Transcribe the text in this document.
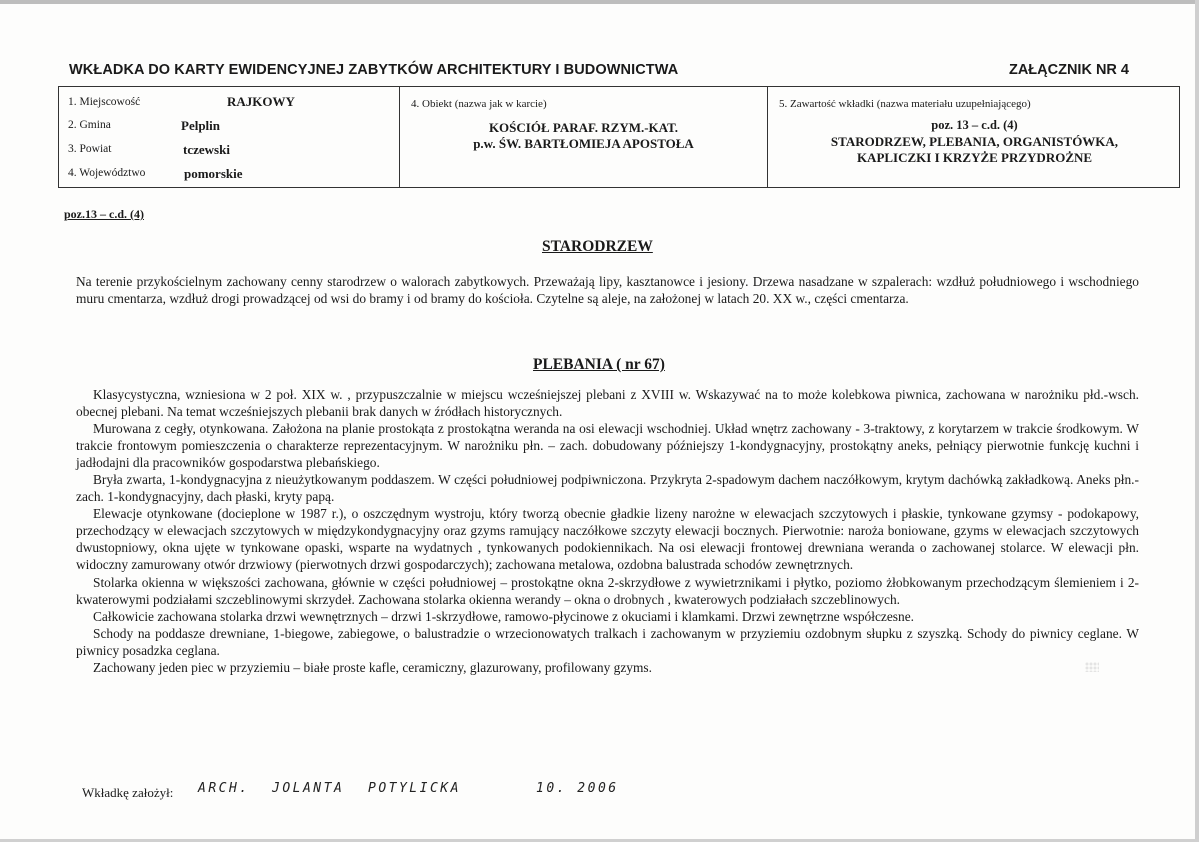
WKŁADKA DO KARTY EWIDENCYJNEJ ZABYTKÓW ARCHITEKTURY I BUDOWNICTWA	ZAŁĄCZNIK NR 4
1. Miejscowość	RAJKOWY
2. Gmina	Pelplin
3. Powiat	tczewski
4. Województwo	pomorskie
4. Obiekt (nazwa jak w karcie)
KOŚCIÓŁ PARAF. RZYM.-KAT.
p.w. ŚW. BARTŁOMIEJA APOSTOŁA
5. Zawartość wkładki (nazwa materiału uzupełniającego)
poz. 13 – c.d. (4)
STARODRZEW, PLEBANIA, ORGANISTÓWKA,
KAPLICZKI I KRZYŻE PRZYDROŻNE
poz.13 – c.d. (4)
STARODRZEW

Na terenie przykościelnym zachowany cenny starodrzew o walorach zabytkowych. Przeważają lipy, kasztanowce i jesiony. Drzewa nasadzane w szpalerach: wzdłuż południowego i wschodniego muru cmentarza, wzdłuż drogi prowadzącej od wsi do bramy i od bramy do kościoła. Czytelne są aleje, na założonej w latach 20. XX w., części cmentarza.

PLEBANIA ( nr 67)

Klasycystyczna, wzniesiona w 2 poł. XIX w. , przypuszczalnie w miejscu wcześniejszej plebani z XVIII w. Wskazywać na to może kolebkowa piwnica, zachowana w narożniku płd.-wsch. obecnej plebani. Na temat wcześniejszych plebanii brak danych w źródłach historycznych.

Murowana z cegły, otynkowana. Założona na planie prostokąta z prostokątna weranda na osi elewacji wschodniej. Układ wnętrz zachowany - 3-traktowy, z korytarzem w trakcie środkowym. W trakcie frontowym pomieszczenia o charakterze reprezentacyjnym. W narożniku płn. – zach. dobudowany późniejszy 1-kondygnacyjny, prostokątny aneks, pełniący pierwotnie funkcję kuchni i jadłodajni dla pracowników gospodarstwa plebańskiego.

Bryła zwarta, 1-kondygnacyjna z nieużytkowanym poddaszem. W części południowej podpiwniczona. Przykryta 2-spadowym dachem naczółkowym, krytym dachówką zakładkową. Aneks płn.-zach. 1-kondygnacyjny, dach płaski, kryty papą.

Elewacje otynkowane (docieplone w 1987 r.), o oszczędnym wystroju, który tworzą obecnie gładkie lizeny narożne w elewacjach szczytowych i płaskie, tynkowane gzymsy - podokapowy, przechodzący w elewacjach szczytowych w międzykondygnacyjny oraz gzyms ramujący naczółkowe szczyty elewacji bocznych. Pierwotnie: naroża boniowane, gzyms w elewacjach szczytowych dwustopniowy, okna ujęte w tynkowane opaski, wsparte na wydatnych , tynkowanych podokiennikach. Na osi elewacji frontowej drewniana weranda o zachowanej stolarce. W elewacji płn. widoczny zamurowany otwór drzwiowy (pierwotnych drzwi gospodarczych); zachowana metalowa, ozdobna balustrada schodów zewnętrznych.

Stolarka okienna w większości zachowana, głównie w części południowej – prostokątne okna 2-skrzydłowe z wywietrznikami i płytko, poziomo żłobkowanym przechodzącym ślemieniem i 2-kwaterowymi podziałami szczeblinowymi skrzydeł. Zachowana stolarka okienna werandy – okna o drobnych , kwaterowych podziałach szczeblinowych.

Całkowicie zachowana stolarka drzwi wewnętrznych – drzwi 1-skrzydłowe, ramowo-płycinowe z okuciami i klamkami. Drzwi zewnętrzne współczesne.

Schody na poddasze drewniane, 1-biegowe, zabiegowe, o balustradzie o wrzecionowatych tralkach i zachowanym w przyziemiu ozdobnym słupku z szyszką. Schody do piwnicy ceglane. W piwnicy posadzka ceglana.

Zachowany jeden piec w przyziemiu – białe proste kafle, ceramiczny, glazurowany, profilowany gzyms.

Wkładkę założył: ARCH. JOLANTA POTYLICKA	10. 2006
